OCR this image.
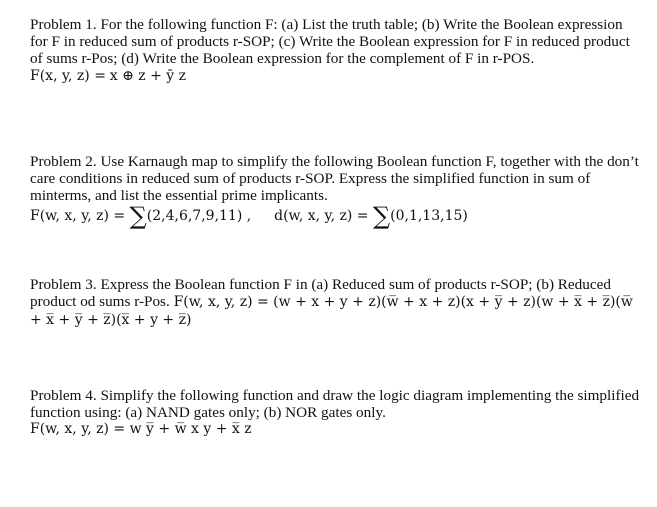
Problem 1. For the following function F: (a) List the truth table; (b) Write the Boolean expression for F in reduced sum of products r-SOP; (c) Write the Boolean expression for F in reduced product of sums r-Pos; (d) Write the Boolean expression for the complement of F in r-POS.

F(x, y, z) = x ⊕ z + ȳ z

Problem 2. Use Karnaugh map to simplify the following Boolean function F, together with the don’t care conditions in reduced sum of products r-SOP. Express the simplified function in sum of minterms, and list the essential prime implicants.

F(w, x, y, z) = ∑(2,4,6,7,9,11) , d(w, x, y, z) = ∑(0,1,13,15)

Problem 3. Express the Boolean function F in (a) Reduced sum of products r-SOP; (b) Reduced product od sums r-Pos. F(w, x, y, z) = (w + x + y + z)(w̅ + x + z)(x + y̅ + z)(w + x̅ + z̅)(w̅ + x̅ + y̅ + z̅)(x̅ + y + z̅)

Problem 4. Simplify the following function and draw the logic diagram implementing the simplified function using: (a) NAND gates only; (b) NOR gates only.

F(w, x, y, z) = w y̅ + w̅ x y + x̅ z
